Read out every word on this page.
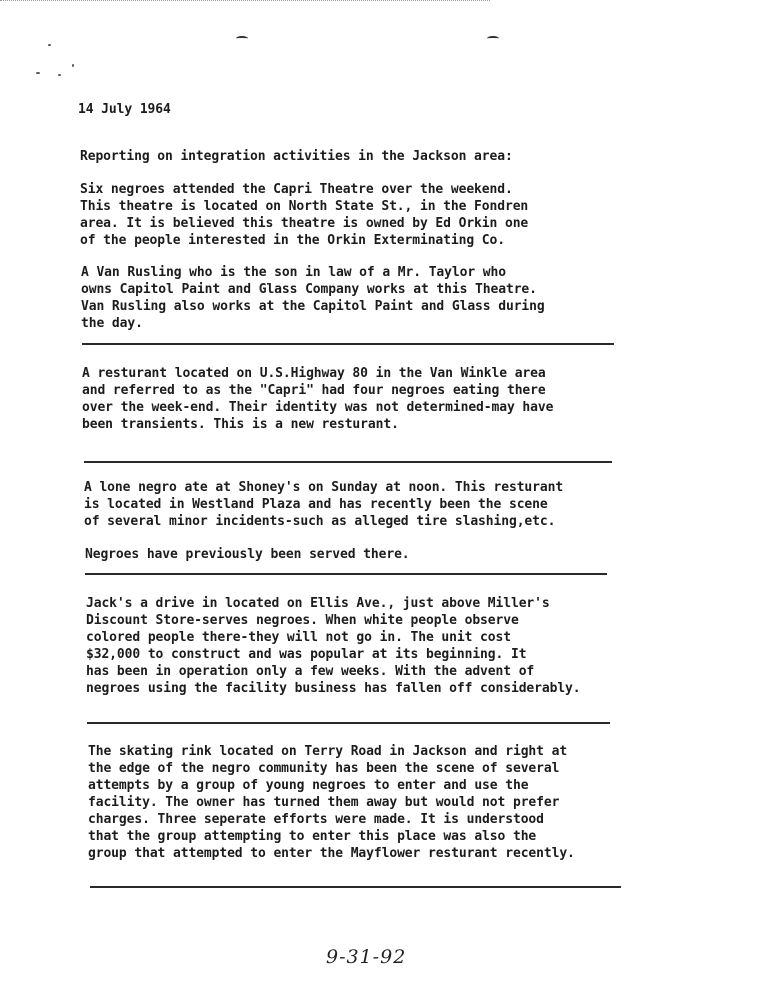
14 July 1964
Reporting on integration activities in the Jackson area:
Six negroes attended the Capri Theatre over the weekend.
This theatre is located on North State St., in the Fondren
area. It is believed this theatre is owned by Ed Orkin one
of the people interested in the Orkin Exterminating Co.
A Van Rusling who is the son in law of a Mr. Taylor who
owns Capitol Paint and Glass Company works at this Theatre.
Van Rusling also works at the Capitol Paint and Glass during
the day.
A resturant located on U.S.Highway 80 in the Van Winkle area
and referred to as the "Capri" had four negroes eating there
over the week-end. Their identity was not determined-may have
been transients. This is a new resturant.
A lone negro ate at Shoney's on Sunday at noon. This resturant
is located in Westland Plaza and has recently been the scene
of several minor incidents-such as alleged tire slashing,etc.
Negroes have previously been served there.
Jack's a drive in located on Ellis Ave., just above Miller's
Discount Store-serves negroes. When white people observe
colored people there-they will not go in. The unit cost
$32,000 to construct and was popular at its beginning. It
has been in operation only a few weeks. With the advent of
negroes using the facility business has fallen off considerably.
The skating rink located on Terry Road in Jackson and right at
the edge of the negro community has been the scene of several
attempts by a group of young negroes to enter and use the
facility. The owner has turned them away but would not prefer
charges. Three seperate efforts were made. It is understood
that the group attempting to enter this place was also the
group that attempted to enter the Mayflower resturant recently.
9-31-92
